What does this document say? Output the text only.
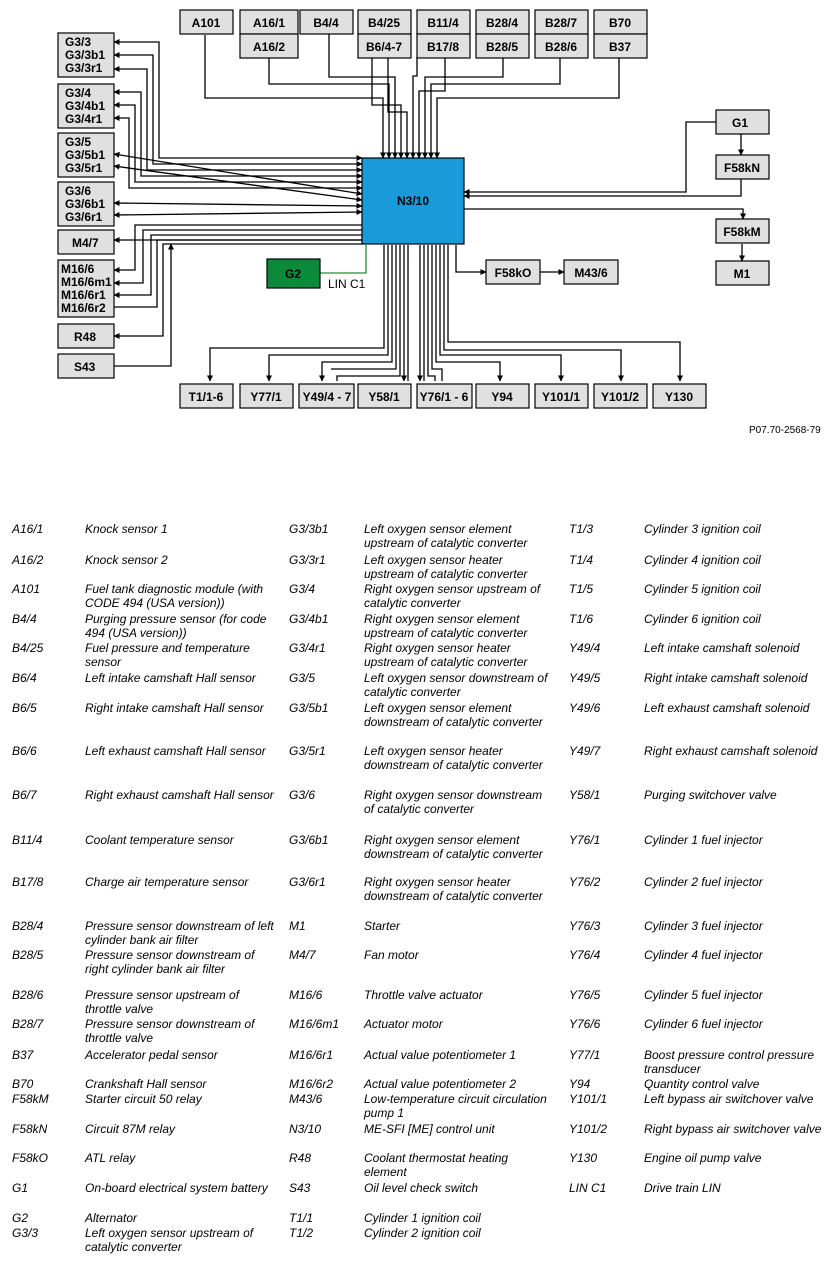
N3/10
G2
LIN C1
A101	A16/1
A16/2
B4/4 B4/25
B6/4-7
B11/4
B17/8
B28/4
B28/5
B28/7
B28/6
B70
B37
G1
F58kN
F58kM
M1
F58kO	M43/6
T1/1-6 Y77/1 Y49/4 - 7 Y58/1 Y76/1 - 6 Y94 Y101/1 Y101/2 Y130
G3/3
G3/3b1
G3/3r1
G3/4
G3/4b1
G3/4r1
G3/5
G3/5b1
G3/5r1
G3/6
G3/6b1
G3/6r1
M4/7
M16/6
M16/6m1
M16/6r1
M16/6r2
R48
S43
P07.70-2568-79
A16/1	Knock sensor 1
A16/2	Knock sensor 2
A101	Fuel tank diagnostic module (with CODE 494 (USA version))
B4/4	Purging pressure sensor (for code 494 (USA version))
B4/25	Fuel pressure and temperature sensor
B6/4	Left intake camshaft Hall sensor
B6/5	Right intake camshaft Hall sensor
B6/6	Left exhaust camshaft Hall sensor
B6/7	Right exhaust camshaft Hall sensor
B11/4	Coolant temperature sensor
B17/8	Charge air temperature sensor
B28/4	Pressure sensor downstream of left cylinder bank air filter
B28/5	Pressure sensor downstream of right cylinder bank air filter
B28/6	Pressure sensor upstream of throttle valve
B28/7	Pressure sensor downstream of throttle valve
B37	Accelerator pedal sensor
B70	Crankshaft Hall sensor
F58kM	Starter circuit 50 relay
F58kN	Circuit 87M relay
F58kO	ATL relay
G1	On-board electrical system battery
G2	Alternator
G3/3	Left oxygen sensor upstream of catalytic converter
G3/3b1	Left oxygen sensor element upstream of catalytic converter
G3/3r1	Left oxygen sensor heater upstream of catalytic converter
G3/4	Right oxygen sensor upstream of catalytic converter
G3/4b1	Right oxygen sensor element upstream of catalytic converter
G3/4r1	Right oxygen sensor heater upstream of catalytic converter
G3/5	Left oxygen sensor downstream of catalytic converter
G3/5b1	Left oxygen sensor element downstream of catalytic converter
G3/5r1	Left oxygen sensor heater downstream of catalytic converter
G3/6	Right oxygen sensor downstream of catalytic converter
G3/6b1	Right oxygen sensor element downstream of catalytic converter
G3/6r1	Right oxygen sensor heater downstream of catalytic converter
M1	Starter
M4/7	Fan motor
M16/6	Throttle valve actuator
M16/6m1 Actuator motor
M16/6r1	Actual value potentiometer 1
M16/6r2	Actual value potentiometer 2
M43/6	Low-temperature circuit circulation pump 1
N3/10	ME-SFI [ME] control unit
R48	Coolant thermostat heating element
S43	Oil level check switch
T1/1	Cylinder 1 ignition coil
T1/2	Cylinder 2 ignition coil
T1/3	Cylinder 3 ignition coil
T1/4	Cylinder 4 ignition coil
T1/5	Cylinder 5 ignition coil
T1/6	Cylinder 6 ignition coil
Y49/4	Left intake camshaft solenoid
Y49/5	Right intake camshaft solenoid
Y49/6	Left exhaust camshaft solenoid
Y49/7	Right exhaust camshaft solenoid
Y58/1	Purging switchover valve
Y76/1	Cylinder 1 fuel injector
Y76/2	Cylinder 2 fuel injector
Y76/3	Cylinder 3 fuel injector
Y76/4	Cylinder 4 fuel injector
Y76/5	Cylinder 5 fuel injector
Y76/6	Cylinder 6 fuel injector
Y77/1	Boost pressure control pressure transducer
Y94	Quantity control valve
Y101/1	Left bypass air switchover valve
Y101/2	Right bypass air switchover valve
Y130	Engine oil pump valve
LIN C1	Drive train LIN
